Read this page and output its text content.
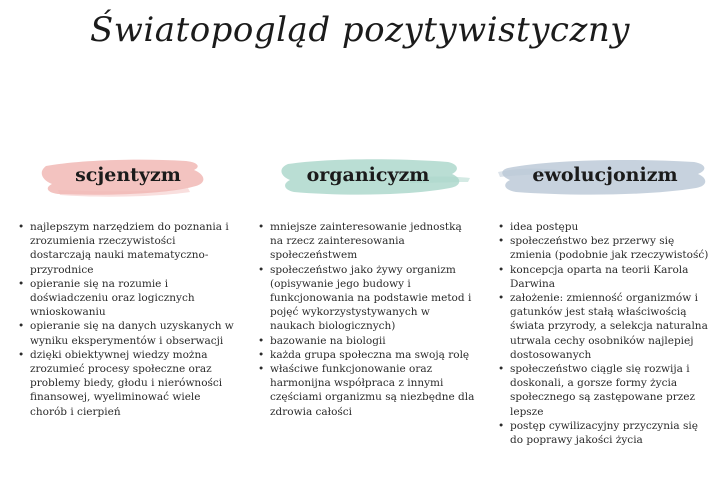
Światopogląd pozytywistyczny
scjentyzm
• najlepszym narzędziem do poznania i zrozumienia rzeczywistości dostarczają nauki matematyczno-przyrodnice
• opieranie się na rozumie i doświadczeniu oraz logicznych wnioskowaniu
• opieranie się na danych uzyskanych w wyniku eksperymentów i obserwacji
• dzięki obiektywnej wiedzy można zrozumieć procesy społeczne oraz problemy biedy, głodu i nierówności finansowej, wyeliminować wiele chorób i cierpień
organicyzm
• mniejsze zainteresowanie jednostką na rzecz zainteresowania społeczeństwem
• społeczeństwo jako żywy organizm (opisywanie jego budowy i funkcjonowania na podstawie metod i pojęć wykorzystystywanych w naukach biologicznych)
• bazowanie na biologii
• każda grupa społeczna ma swoją rolę
• właściwe funkcjonowanie oraz harmonijna współpraca z innymi częściami organizmu są niezbędne dla zdrowia całości
ewolucjonizm
• idea postępu
• społeczeństwo bez przerwy się zmienia (podobnie jak rzeczywistość)
• koncepcja oparta na teorii Karola Darwina
• założenie: zmienność organizmów i gatunków jest stałą właściwością świata przyrody, a selekcja naturalna utrwala cechy osobników najlepiej dostosowanych
• społeczeństwo ciągle się rozwija i doskonali, a gorsze formy życia społecznego są zastępowane przez lepsze
• postęp cywilizacyjny przyczynia się do poprawy jakości życia
